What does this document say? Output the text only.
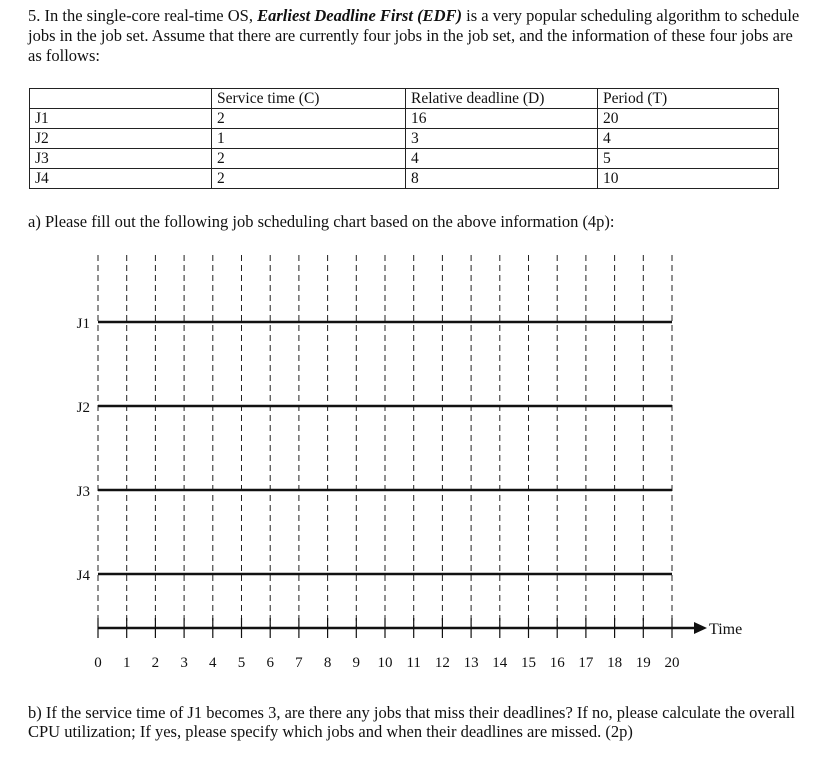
5. In the single-core real-time OS, Earliest Deadline First (EDF) is a very popular scheduling algorithm to schedule jobs in the job set. Assume that there are currently four jobs in the job set, and the information of these four jobs are as follows:
	Service time (C)	Relative deadline (D)	Period (T)
J1	2	16	20
J2	1	3	4
J3	2	4	5
J4	2	8	10
a) Please fill out the following job scheduling chart based on the above information (4p):
J1
J2
J3
J4
Time
0 1 2 3 4 5 6 7 8 9 10 11 12 13 14 15 16 17 18 19 20
b) If the service time of J1 becomes 3, are there any jobs that miss their deadlines? If no, please calculate the overall CPU utilization; If yes, please specify which jobs and when their deadlines are missed. (2p)
